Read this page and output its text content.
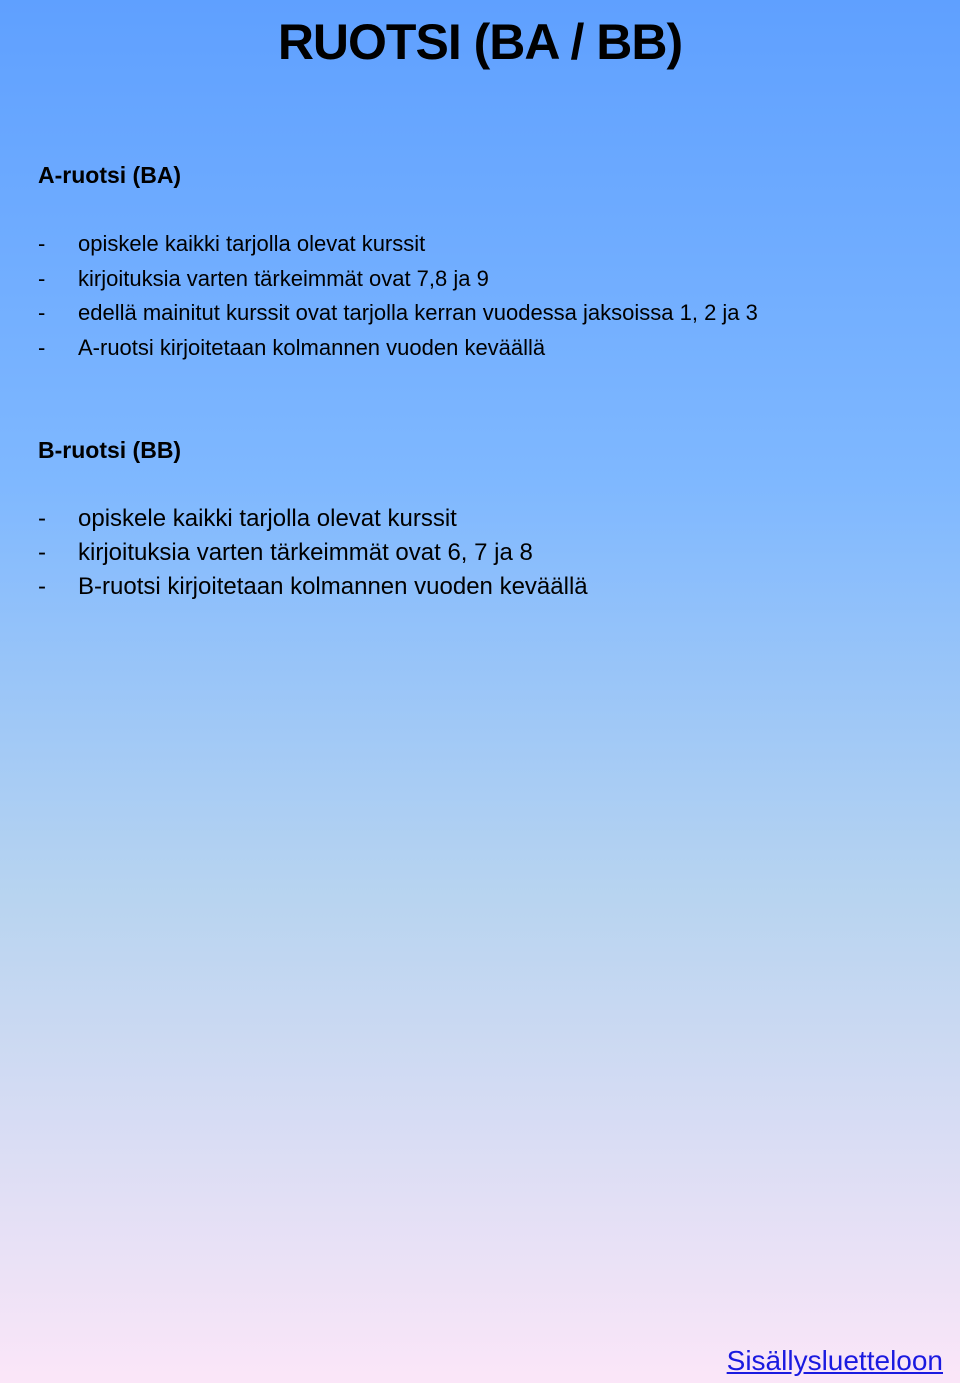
RUOTSI (BA / BB)
A-ruotsi (BA)
- opiskele kaikki tarjolla olevat kurssit
- kirjoituksia varten tärkeimmät ovat 7,8 ja 9
- edellä mainitut kurssit ovat tarjolla kerran vuodessa jaksoissa 1, 2 ja 3
- A-ruotsi kirjoitetaan kolmannen vuoden keväällä
B-ruotsi (BB)
- opiskele kaikki tarjolla olevat kurssit
- kirjoituksia varten tärkeimmät ovat 6, 7 ja 8
- B-ruotsi kirjoitetaan kolmannen vuoden keväällä
Sisällysluetteloon
